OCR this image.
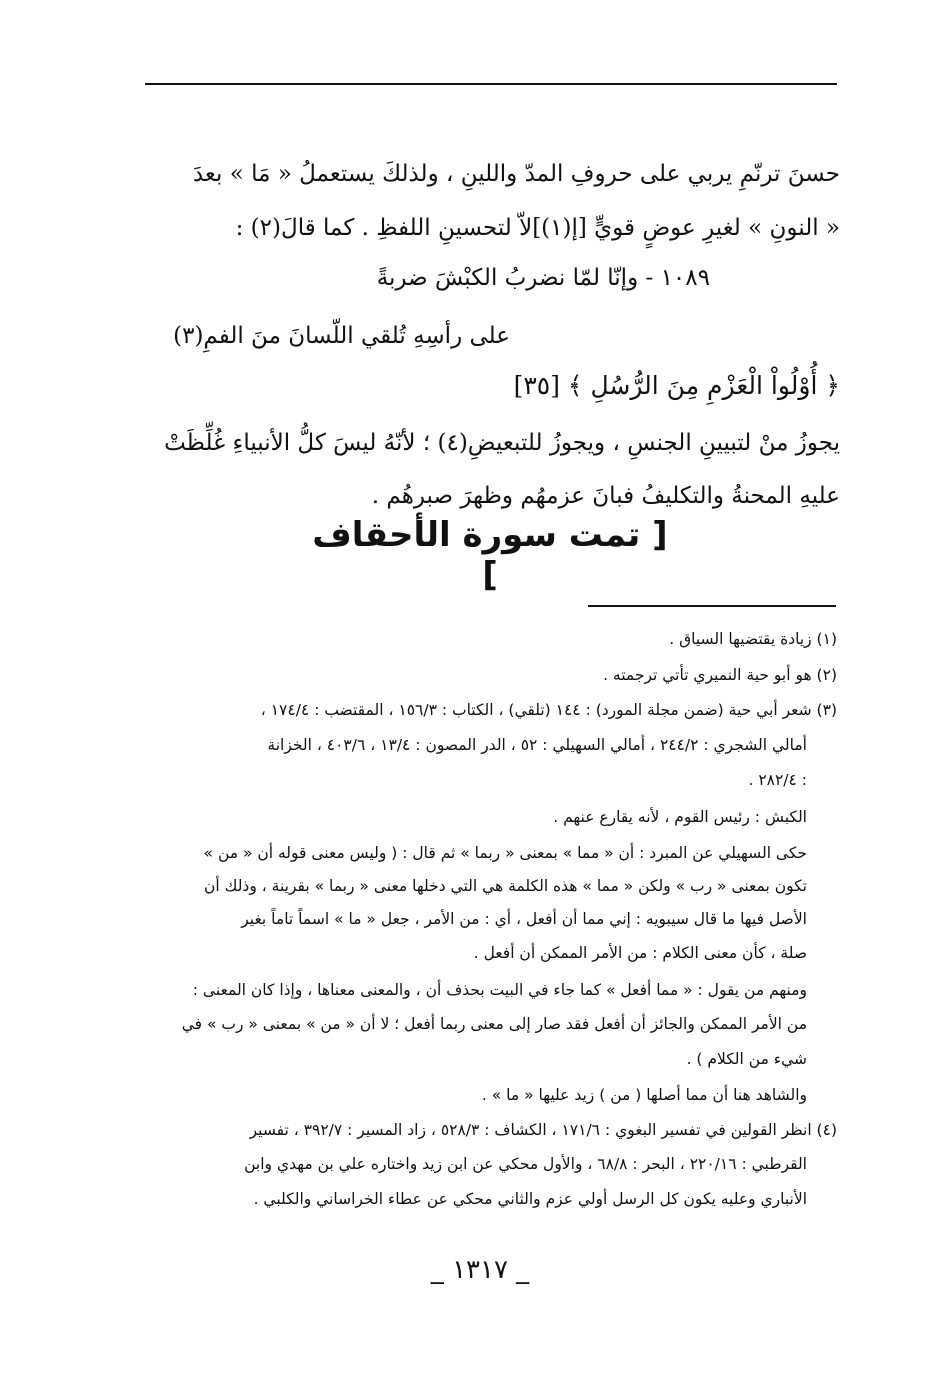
حسنَ ترنّمِ يربي على حروفِ المدّ واللينِ ، ولذلكَ يستعملُ « مَا » بعدَ
« النونِ » لغيرِ عوضٍ قويٍّ [إ(١)]لاّ لتحسينِ اللفظِ . كما قالَ(٢) :
١٠٨٩ - وإنّا لمّا نضربُ الكبْشَ ضربةً
على رأسِهِ تُلقي اللّسانَ منَ الفمِ(٣)
﴿ أُوْلُواْ الْعَزْمِ مِنَ الرُّسُلِ ﴾ [٣٥]
يجوزُ منْ لتبيينِ الجنسِ ، ويجوزُ للتبعيضِ(٤) ؛ لأنّهُ ليسَ كلُّ الأنبياءِ غُلِّظَتْ
عليهِ المحنةُ والتكليفُ فبانَ عزمهُم وظهرَ صبرهُم .
[ تمت سورة الأحقاف ]
(١) زيادة يقتضيها السياق .
(٢) هو أبو حية النميري تأتي ترجمته .
(٣) شعر أبي حية (ضمن مجلة المورد) : ١٤٤ (تلقي) ، الكتاب : ١٥٦/٣ ، المقتضب : ١٧٤/٤ ،
أمالي الشجري : ٢٤٤/٢ ، أمالي السهيلي : ٥٢ ، الدر المصون : ١٣/٤ ، ٤٠٣/٦ ، الخزانة
: ٢٨٢/٤ .
الكبش : رئيس القوم ، لأنه يقارع عنهم .
حكى السهيلي عن المبرد : أن « مما » بمعنى « ربما » ثم قال : ( وليس معنى قوله أن « من »
تكون بمعنى « رب » ولكن « مما » هذه الكلمة هي التي دخلها معنى « ربما » بقرينة ، وذلك أن
الأصل فيها ما قال سيبويه : إني مما أن أفعل ، أي : من الأمر ، جعل « ما » اسماً تاماً بغير
صلة ، كأن معنى الكلام : من الأمر الممكن أن أفعل .
ومنهم من يقول : « مما أفعل » كما جاء في البيت بحذف أن ، والمعنى معناها ، وإذا كان المعنى :
من الأمر الممكن والجائز أن أفعل فقد صار إلى معنى ربما أفعل ؛ لا أن « من » بمعنى « رب » في
شيء من الكلام ) .
والشاهد هنا أن مما أصلها ( من ) زيد عليها « ما » .
(٤) انظر القولين في تفسير البغوي : ١٧١/٦ ، الكشاف : ٥٢٨/٣ ، زاد المسير : ٣٩٢/٧ ، تفسير
القرطبي : ٢٢٠/١٦ ، البحر : ٦٨/٨ ، والأول محكي عن ابن زيد واختاره علي بن مهدي وابن
الأنباري وعليه يكون كل الرسل أولي عزم والثاني محكي عن عطاء الخراساني والكلبي .
_ ١٣١٧ _
